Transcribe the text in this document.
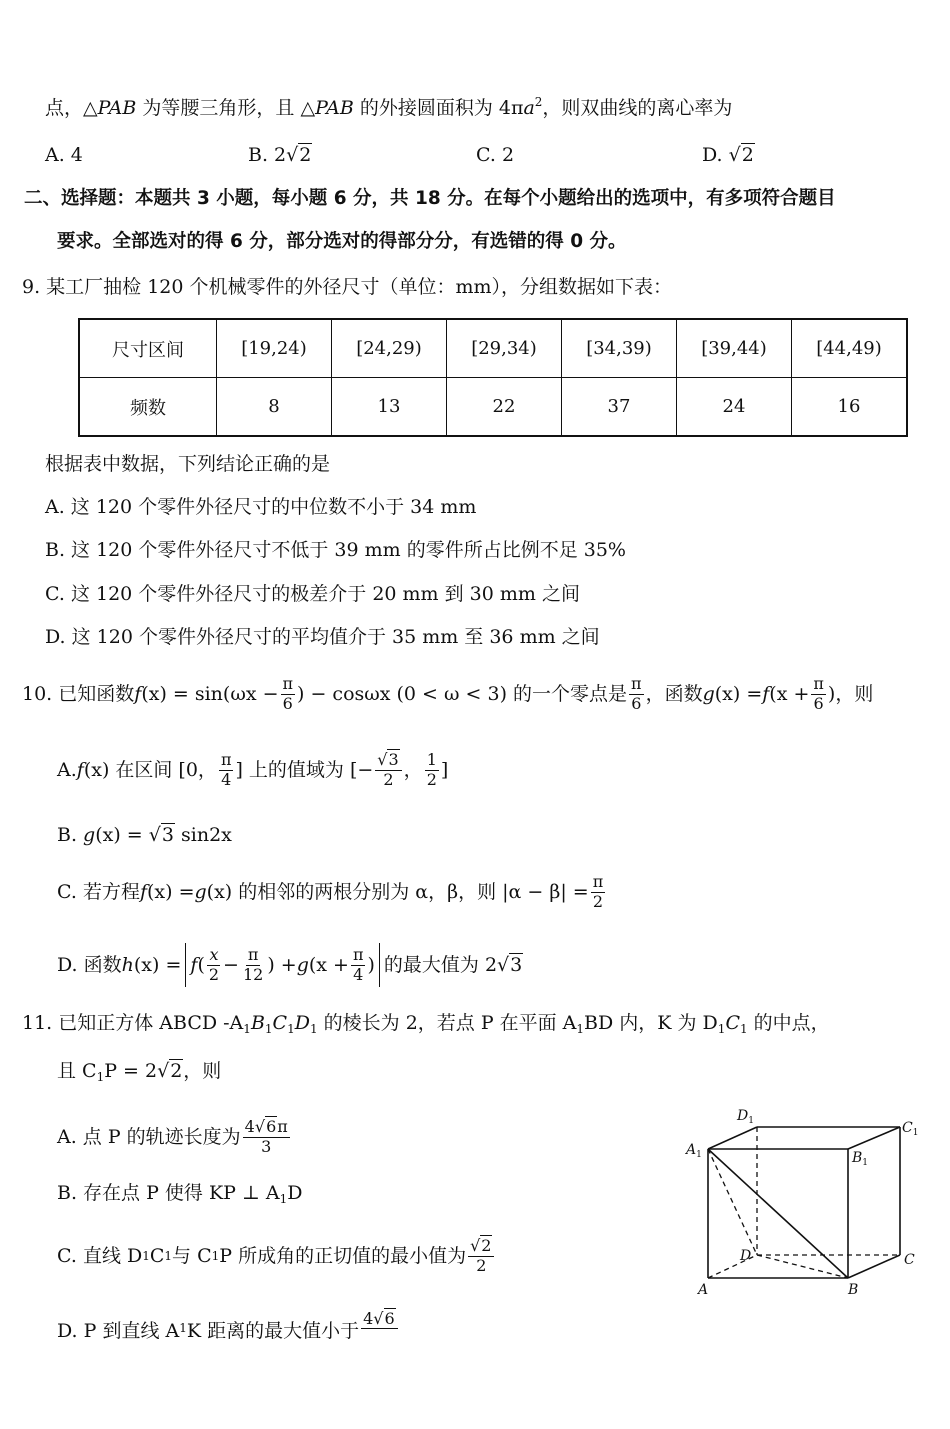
点，△PAB 为等腰三角形，且 △PAB 的外接圆面积为 $4\pi a^2$，则双曲线的离心率为
A. 4	B. 2√2	C. 2	D. √2
二、选择题：本题共 3 小题，每小题 6 分，共 18 分。在每个小题给出的选项中，有多项符合题目
要求。全部选对的得 6 分，部分选对的得部分分，有选错的得 0 分。
9. 某工厂抽检 120 个机械零件的外径尺寸（单位：mm），分组数据如下表：
尺寸区间	[19,24)	[24,29)	[29,34)	[34,39)	[39,44)	[44,49)
频数	8	13	22	37	24	16
根据表中数据，下列结论正确的是
A. 这 120 个零件外径尺寸的中位数不小于 34 mm
B. 这 120 个零件外径尺寸不低于 39 mm 的零件所占比例不足 35%
C. 这 120 个零件外径尺寸的极差介于 20 mm 到 30 mm 之间
D. 这 120 个零件外径尺寸的平均值介于 35 mm 至 36 mm 之间
10. 已知函数 f $(x) = \sin(\omega x - \frac{\pi}{6}$ ) − cosωx (0 < ω < 3) 的一个零点是 $\frac{\pi}{6}$ ，函数 g (x) = f ($x + \frac{\pi}{6}$ )，则
A. f (x) 在区间 [0， $\frac{\pi}{4}$ ] 上的值域为 [− $\frac{√3}{2}$ ， $\frac{1}{2}$ ]
B. g(x) = √3 sin2x
C. 若方程 f (x) = g (x) 的相邻的两根分别为 α，β，则 $|\alpha - \beta| = \frac{\pi}{2}$
D. 函数 h (x) = f ( $\frac{x}{2} - \frac{\pi}{12}$ ) + g ($x + \frac{\pi}{4}$ ) 的最大值为 2 √3
11. 已知正方体 ABCD $-A_1B_1C_1D_1$ 的棱长为 2，若点 P 在平面 $A_1BD$ 内，K 为 $D_1C_1$ 的中点，
且 $C_1P = 2√2$，则
A. 点 P 的轨迹长度为 $\frac{4√6\pi}{3}$
B. 存在点 P 使得 KP ⊥ $A_1D$
C. 直线 D 1 C 1 与 C 1 P 所成角的正切值的最小值为 $\frac{√2}{2}$
D. P 到直线 A 1 K 距离的最大值小于
4√6
$D_1$	$C_1$
$A_1$	$B_1$
D	C
A	B
